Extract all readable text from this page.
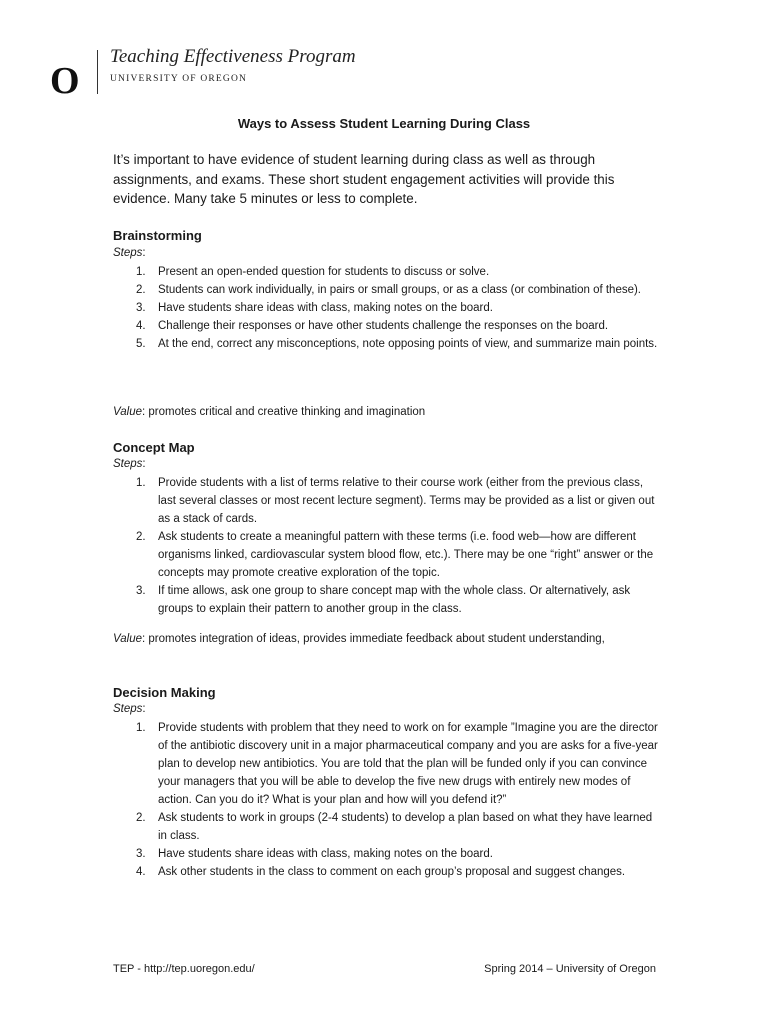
O
Teaching Effectiveness Program
UNIVERSITY OF OREGON
Ways to Assess Student Learning During Class
It’s important to have evidence of student learning during class as well as through assignments, and exams. These short student engagement activities will provide this evidence. Many take 5 minutes or less to complete.
Brainstorming
Steps:
1. Present an open-ended question for students to discuss or solve.
2. Students can work individually, in pairs or small groups, or as a class (or combination of these).
3. Have students share ideas with class, making notes on the board.
4. Challenge their responses or have other students challenge the responses on the board.
5. At the end, correct any misconceptions, note opposing points of view, and summarize main points.
Value: promotes critical and creative thinking and imagination
Concept Map
Steps:
1. Provide students with a list of terms relative to their course work (either from the previous class, last several classes or most recent lecture segment). Terms may be provided as a list or given out as a stack of cards.
2. Ask students to create a meaningful pattern with these terms (i.e. food web—how are different organisms linked, cardiovascular system blood flow, etc.). There may be one “right” answer or the concepts may promote creative exploration of the topic.
3. If time allows, ask one group to share concept map with the whole class. Or alternatively, ask groups to explain their pattern to another group in the class.
Value: promotes integration of ideas, provides immediate feedback about student understanding,
Decision Making
Steps:
1. Provide students with problem that they need to work on for example ”Imagine you are the director of the antibiotic discovery unit in a major pharmaceutical company and you are asks for a five-year plan to develop new antibiotics. You are told that the plan will be funded only if you can convince your managers that you will be able to develop the five new drugs with entirely new modes of action. Can you do it? What is your plan and how will you defend it?”
2. Ask students to work in groups (2-4 students) to develop a plan based on what they have learned in class.
3. Have students share ideas with class, making notes on the board.
4. Ask other students in the class to comment on each group’s proposal and suggest changes.
TEP - http://tep.uoregon.edu/	Spring 2014 – University of Oregon
